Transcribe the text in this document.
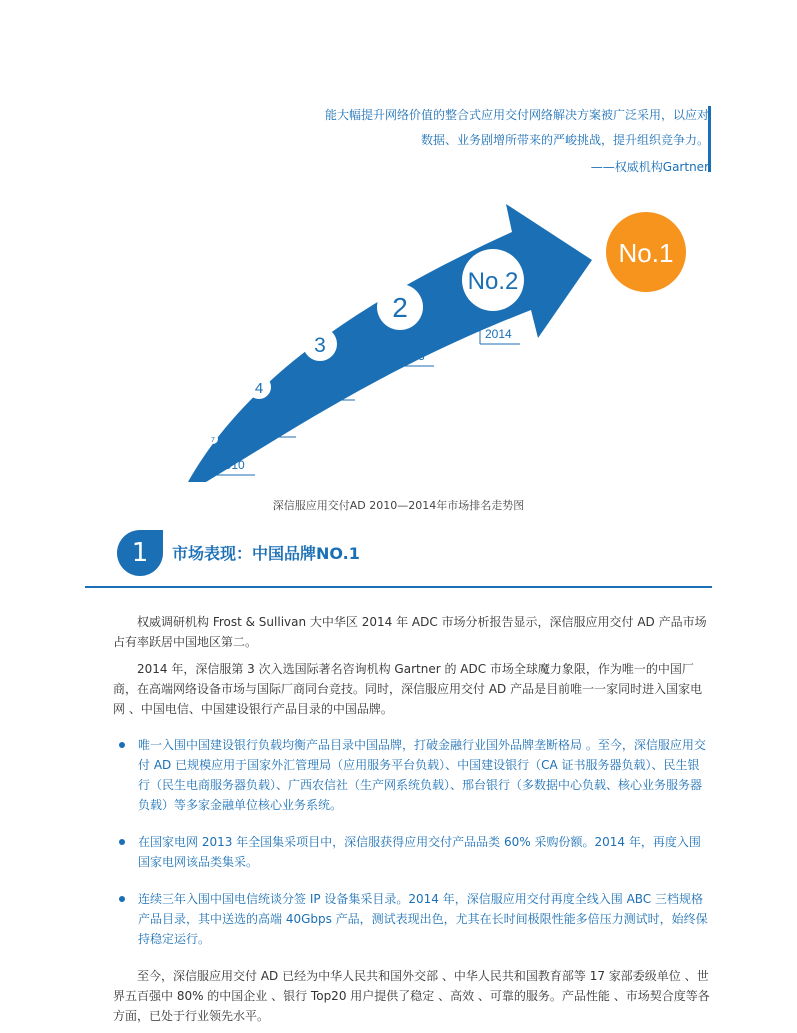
能大幅提升网络价值的整合式应用交付网络解决方案被广泛采用，以应对
数据、业务剧增所带来的严峻挑战，提升组织竞争力。
——权威机构Gartner
2010
2011
2012
2013
2014
7
4
3
2
No.2
No.1
深信服应用交付AD 2010—2014年市场排名走势图
1	市场表现：中国品牌NO.1

权威调研机构 Frost & Sullivan 大中华区 2014 年 ADC 市场分析报告显示，深信服应用交付 AD 产品市场占有率跃居中国地区第二。

2014 年，深信服第 3 次入选国际著名咨询机构 Gartner 的 ADC 市场全球魔力象限，作为唯一的中国厂商，在高端网络设备市场与国际厂商同台竞技。同时，深信服应用交付 AD 产品是目前唯一一家同时进入国家电网 、中国电信、中国建设银行产品目录的中国品牌。

唯一入围中国建设银行负载均衡产品目录中国品牌，打破金融行业国外品牌垄断格局 。至今，深信服应用交付 AD 已规模应用于国家外汇管理局（应用服务平台负载）、中国建设银行（CA 证书服务器负载）、民生银行（民生电商服务器负载）、广西农信社（生产网系统负载）、邢台银行（多数据中心负载、核心业务服务器负载）等多家金融单位核心业务系统。
在国家电网 2013 年全国集采项目中，深信服获得应用交付产品品类 60% 采购份额。2014 年，再度入围国家电网该品类集采。
连续三年入围中国电信统谈分签 IP 设备集采目录。2014 年，深信服应用交付再度全线入围 ABC 三档规格产品目录，其中送选的高端 40Gbps 产品，测试表现出色，尤其在长时间极限性能多倍压力测试时，始终保持稳定运行。

至今，深信服应用交付 AD 已经为中华人民共和国外交部 、中华人民共和国教育部等 17 家部委级单位 、世界五百强中 80% 的中国企业 、银行 Top20 用户提供了稳定 、高效 、可靠的服务。产品性能 、市场契合度等各方面，已处于行业领先水平。
